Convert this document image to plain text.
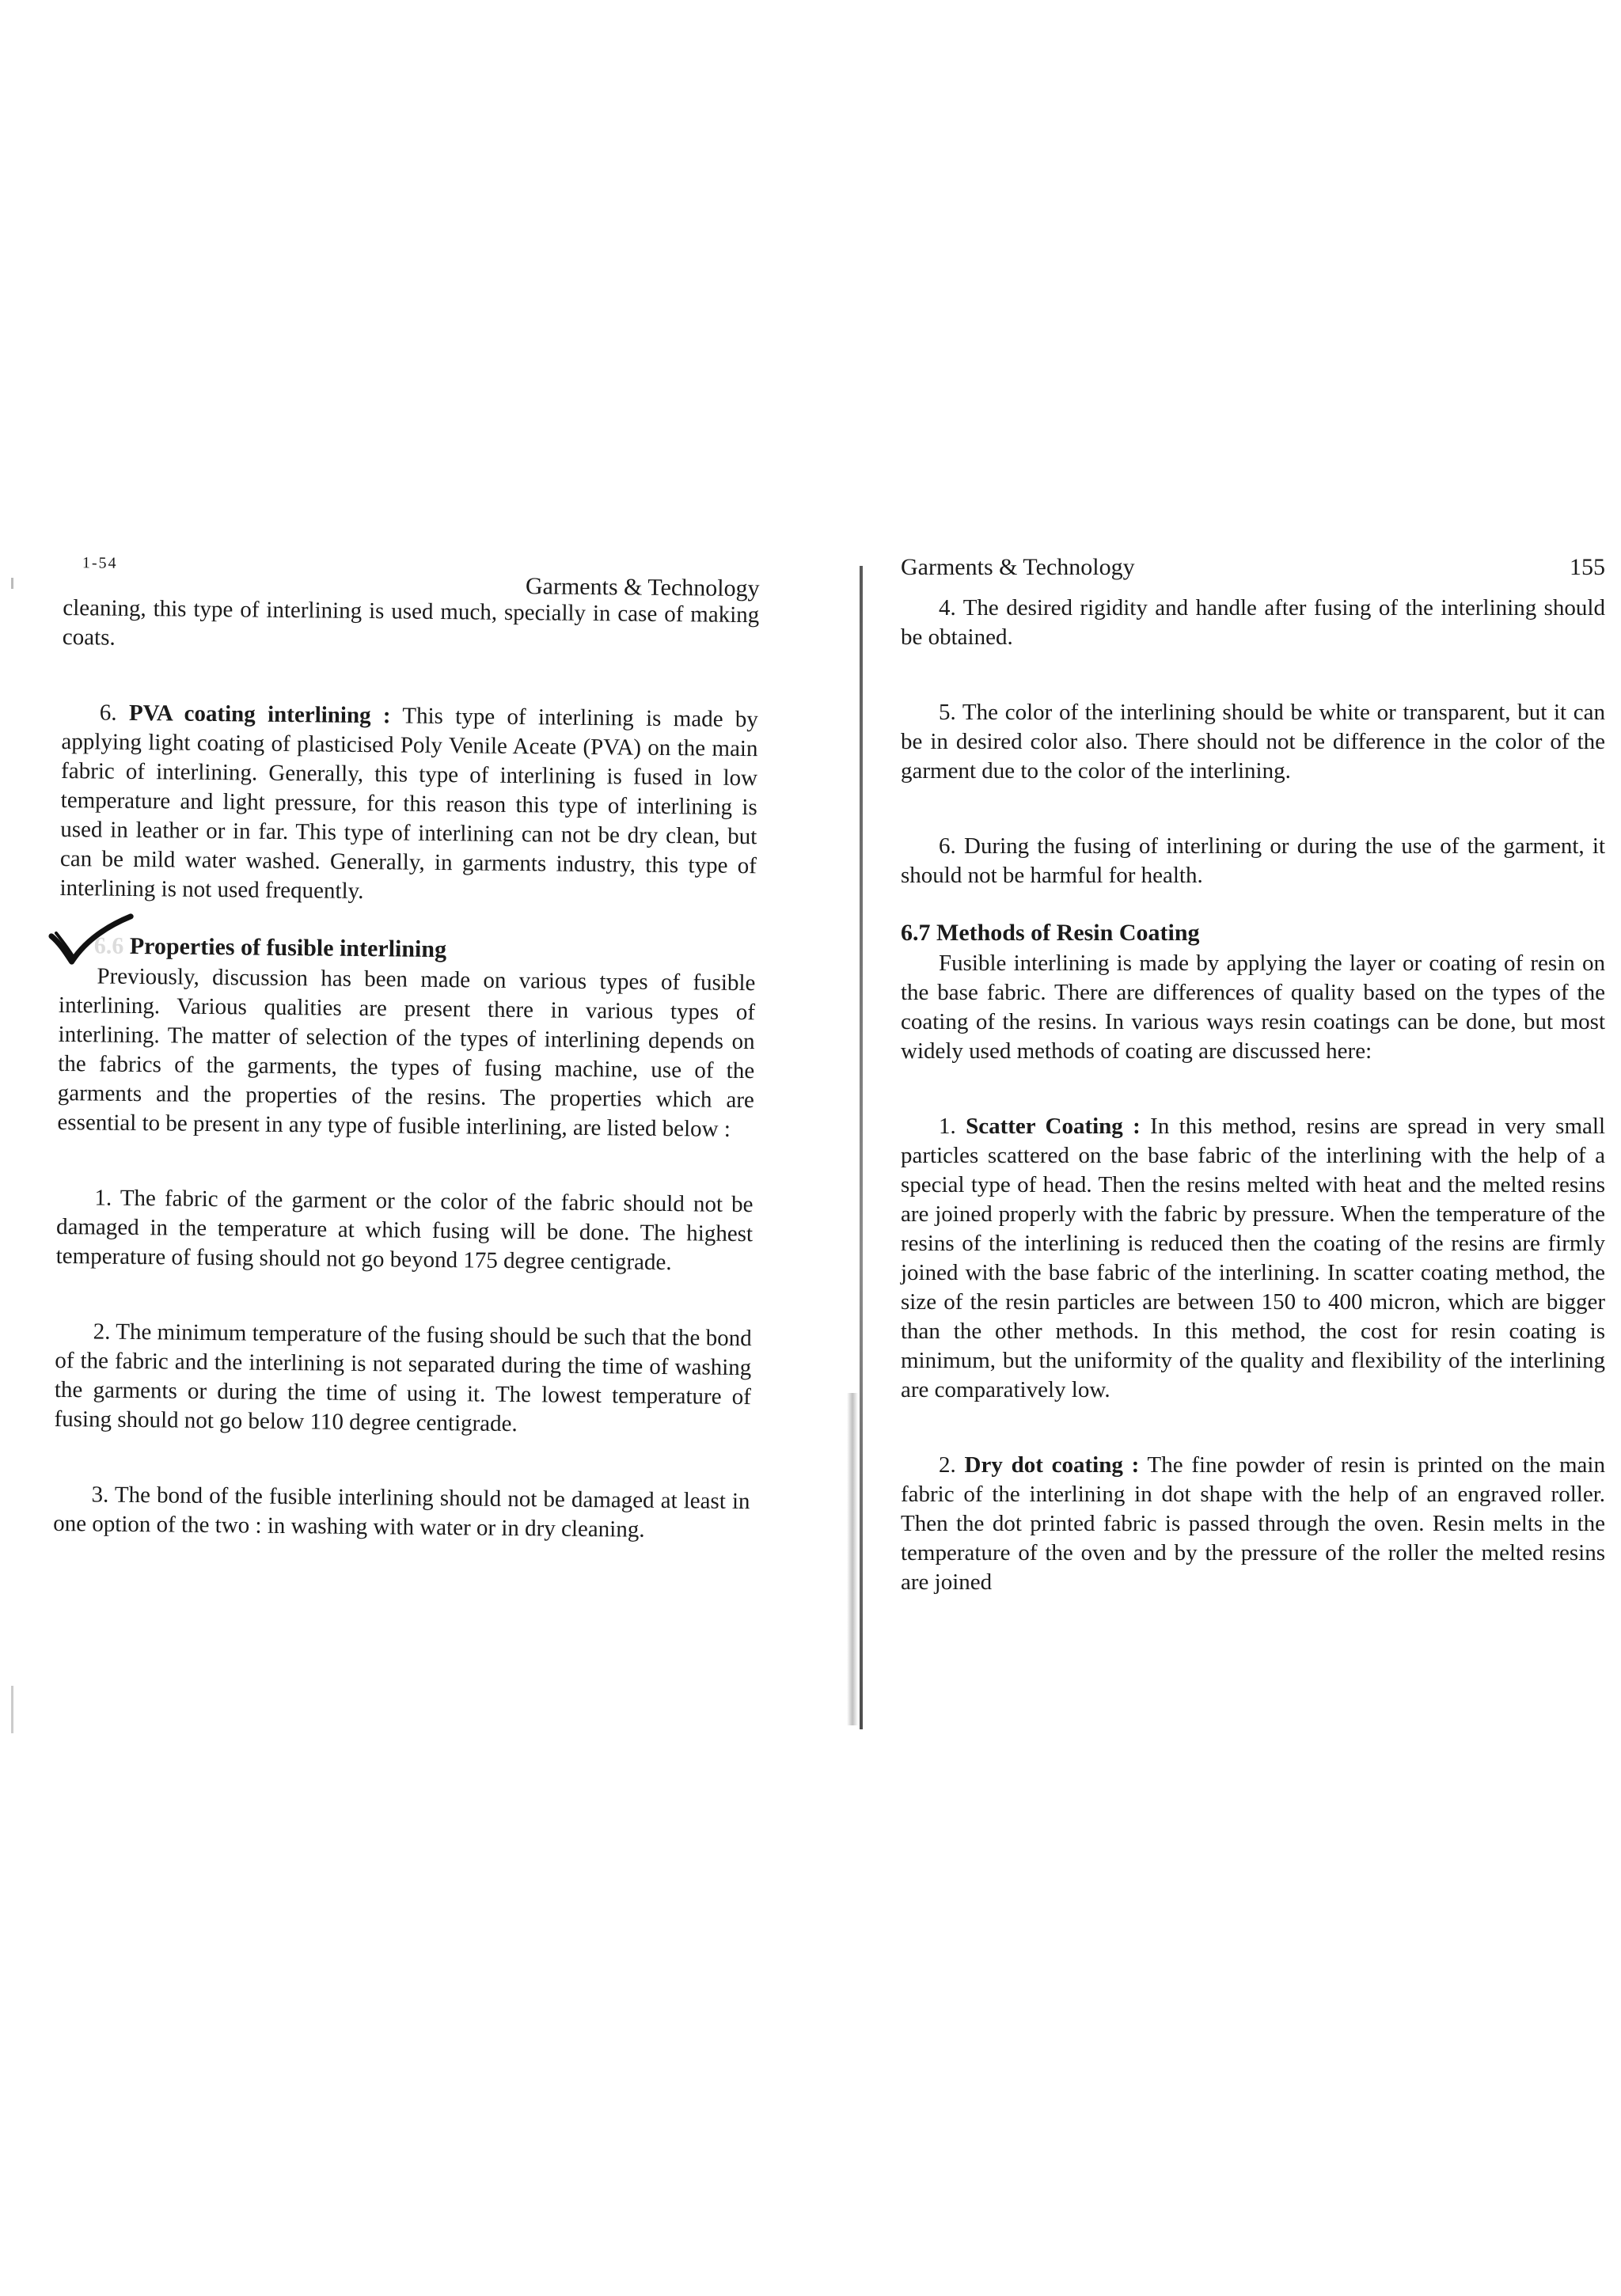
1-54
Garments & Technology

cleaning, this type of interlining is used much, specially in case of making coats.

6. PVA coating interlining : This type of interlining is made by applying light coating of plasticised Poly Venile Aceate (PVA) on the main fabric of interlining. Generally, this type of interlining is fused in low temperature and light pressure, for this reason this type of interlining is used in leather or in far. This type of interlining can not be dry clean, but can be mild water washed. Generally, in garments industry, this type of interlining is not used frequently.

6.6 Properties of fusible interlining

Previously, discussion has been made on various types of fusible interlining. Various qualities are present there in various types of interlining. The matter of selection of the types of interlining depends on the fabrics of the garments, the types of fusing machine, use of the garments and the properties of the resins. The properties which are essential to be present in any type of fusible interlining, are listed below :

1. The fabric of the garment or the color of the fabric should not be damaged in the temperature at which fusing will be done. The highest temperature of fusing should not go beyond 175 degree centigrade.

2. The minimum temperature of the fusing should be such that the bond of the fabric and the interlining is not separated during the time of washing the garments or during the time of using it. The lowest temperature of fusing should not go below 110 degree centigrade.

3. The bond of the fusible interlining should not be damaged at least in one option of the two : in washing with water or in dry cleaning.

Garments & Technology	155

4. The desired rigidity and handle after fusing of the interlining should be obtained.

5. The color of the interlining should be white or transparent, but it can be in desired color also. There should not be difference in the color of the garment due to the color of the interlining.

6. During the fusing of interlining or during the use of the garment, it should not be harmful for health.

6.7 Methods of Resin Coating

Fusible interlining is made by applying the layer or coating of resin on the base fabric. There are differences of quality based on the types of the coating of the resins. In various ways resin coatings can be done, but most widely used methods of coating are discussed here:

1. Scatter Coating : In this method, resins are spread in very small particles scattered on the base fabric of the interlining with the help of a special type of head. Then the resins melted with heat and the melted resins are joined properly with the fabric by pressure. When the temperature of the resins of the interlining is reduced then the coating of the resins are firmly joined with the base fabric of the interlining. In scatter coating method, the size of the resin particles are between 150 to 400 micron, which are bigger than the other methods. In this method, the cost for resin coating is minimum, but the uniformity of the quality and flexibility of the interlining are comparatively low.

2. Dry dot coating : The fine powder of resin is printed on the main fabric of the interlining in dot shape with the help of an engraved roller. Then the dot printed fabric is passed through the oven. Resin melts in the temperature of the oven and by the pressure of the roller the melted resins are joined
